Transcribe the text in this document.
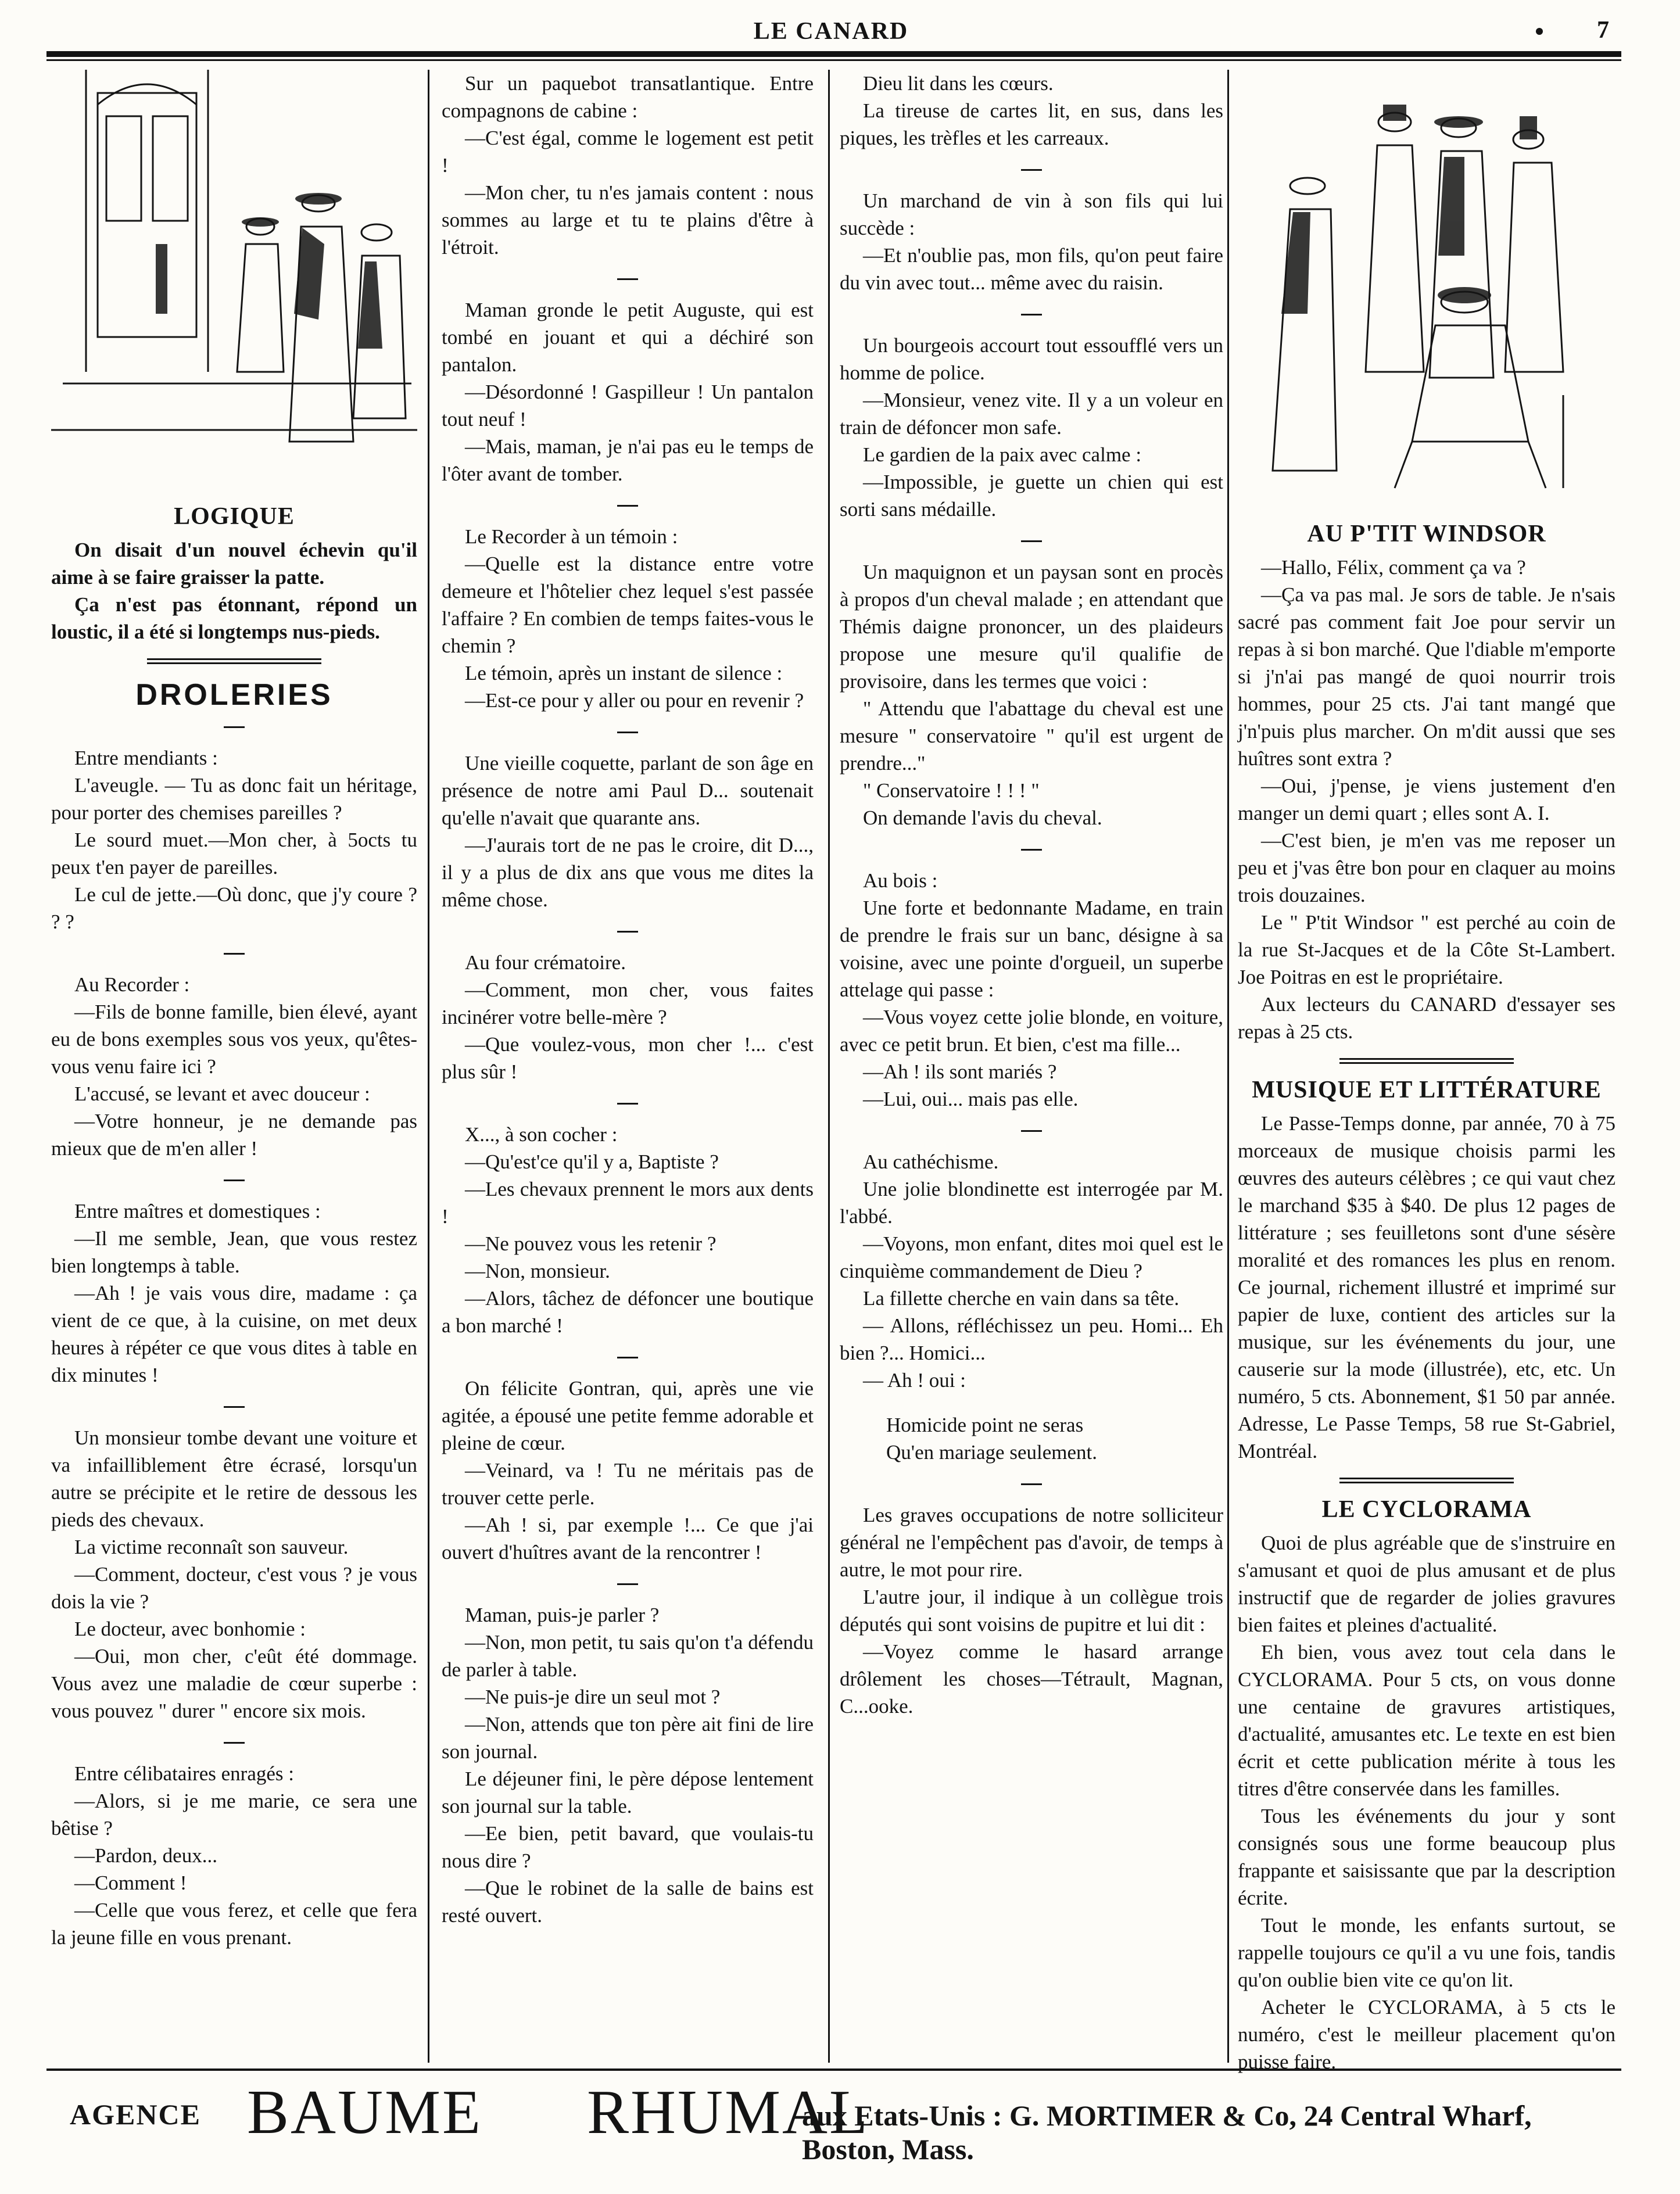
LE CANARD	7
LOGIQUE

On disait d'un nouvel échevin qu'il aime à se faire graisser la patte.

Ça n'est pas étonnant, répond un loustic, il a été si longtemps nus-pieds.

DROLERIES

Entre mendiants :

L'aveugle. — Tu as donc fait un héritage, pour porter des chemises pareilles ?

Le sourd muet.—Mon cher, à 5octs tu peux t'en payer de pareilles.

Le cul de jette.—Où donc, que j'y coure ? ? ?

Au Recorder :

—Fils de bonne famille, bien élevé, ayant eu de bons exemples sous vos yeux, qu'êtes-vous venu faire ici ?

L'accusé, se levant et avec douceur :

—Votre honneur, je ne demande pas mieux que de m'en aller !

Entre maîtres et domestiques :

—Il me semble, Jean, que vous restez bien longtemps à table.

—Ah ! je vais vous dire, madame : ça vient de ce que, à la cuisine, on met deux heures à répéter ce que vous dites à table en dix minutes !

Un monsieur tombe devant une voiture et va infailliblement être écrasé, lorsqu'un autre se précipite et le retire de dessous les pieds des chevaux.

La victime reconnaît son sauveur.

—Comment, docteur, c'est vous ? je vous dois la vie ?

Le docteur, avec bonhomie :

—Oui, mon cher, c'eût été dommage. Vous avez une maladie de cœur superbe : vous pouvez " durer " encore six mois.

Entre célibataires enragés :

—Alors, si je me marie, ce sera une bêtise ?

—Pardon, deux...

—Comment !

—Celle que vous ferez, et celle que fera la jeune fille en vous prenant.

Sur un paquebot transatlantique. Entre compagnons de cabine :

—C'est égal, comme le logement est petit !

—Mon cher, tu n'es jamais content : nous sommes au large et tu te plains d'être à l'étroit.

Maman gronde le petit Auguste, qui est tombé en jouant et qui a déchiré son pantalon.

—Désordonné ! Gaspilleur ! Un pantalon tout neuf !

—Mais, maman, je n'ai pas eu le temps de l'ôter avant de tomber.

Le Recorder à un témoin :

—Quelle est la distance entre votre demeure et l'hôtelier chez lequel s'est passée l'affaire ? En combien de temps faites-vous le chemin ?

Le témoin, après un instant de silence :

—Est-ce pour y aller ou pour en revenir ?

Une vieille coquette, parlant de son âge en présence de notre ami Paul D... soutenait qu'elle n'avait que quarante ans.

—J'aurais tort de ne pas le croire, dit D..., il y a plus de dix ans que vous me dites la même chose.

Au four crématoire.

—Comment, mon cher, vous faites incinérer votre belle-mère ?

—Que voulez-vous, mon cher !... c'est plus sûr !

X..., à son cocher :

—Qu'est'ce qu'il y a, Baptiste ?

—Les chevaux prennent le mors aux dents !

—Ne pouvez vous les retenir ?

—Non, monsieur.

—Alors, tâchez de défoncer une boutique a bon marché !

On félicite Gontran, qui, après une vie agitée, a épousé une petite femme adorable et pleine de cœur.

—Veinard, va ! Tu ne méritais pas de trouver cette perle.

—Ah ! si, par exemple !... Ce que j'ai ouvert d'huîtres avant de la rencontrer !

Maman, puis-je parler ?

—Non, mon petit, tu sais qu'on t'a défendu de parler à table.

—Ne puis-je dire un seul mot ?

—Non, attends que ton père ait fini de lire son journal.

Le déjeuner fini, le père dépose lentement son journal sur la table.

—Ee bien, petit bavard, que voulais-tu nous dire ?

—Que le robinet de la salle de bains est resté ouvert.

Dieu lit dans les cœurs.

La tireuse de cartes lit, en sus, dans les piques, les trèfles et les carreaux.

Un marchand de vin à son fils qui lui succède :

—Et n'oublie pas, mon fils, qu'on peut faire du vin avec tout... même avec du raisin.

Un bourgeois accourt tout essoufflé vers un homme de police.

—Monsieur, venez vite. Il y a un voleur en train de défoncer mon safe.

Le gardien de la paix avec calme :

—Impossible, je guette un chien qui est sorti sans médaille.

Un maquignon et un paysan sont en procès à propos d'un cheval malade ; en attendant que Thémis daigne prononcer, un des plaideurs propose une mesure qu'il qualifie de provisoire, dans les termes que voici :

" Attendu que l'abattage du cheval est une mesure " conservatoire " qu'il est urgent de prendre..."

" Conservatoire ! ! ! "

On demande l'avis du cheval.

Au bois :

Une forte et bedonnante Madame, en train de prendre le frais sur un banc, désigne à sa voisine, avec une pointe d'orgueil, un superbe attelage qui passe :

—Vous voyez cette jolie blonde, en voiture, avec ce petit brun. Et bien, c'est ma fille...

—Ah ! ils sont mariés ?

—Lui, oui... mais pas elle.

Au cathéchisme.

Une jolie blondinette est interrogée par M. l'abbé.

—Voyons, mon enfant, dites moi quel est le cinquième commandement de Dieu ?

La fillette cherche en vain dans sa tête.

— Allons, réfléchissez un peu. Homi... Eh bien ?... Homici...

— Ah ! oui :

Homicide point ne seras

Qu'en mariage seulement.

Les graves occupations de notre solliciteur général ne l'empêchent pas d'avoir, de temps à autre, le mot pour rire.

L'autre jour, il indique à un collègue trois députés qui sont voisins de pupitre et lui dit :

—Voyez comme le hasard arrange drôlement les choses—Tétrault, Magnan, C...ooke.

AU P'TIT WINDSOR

—Hallo, Félix, comment ça va ?

—Ça va pas mal. Je sors de table. Je n'sais sacré pas comment fait Joe pour servir un repas à si bon marché. Que l'diable m'emporte si j'n'ai pas mangé de quoi nourrir trois hommes, pour 25 cts. J'ai tant mangé que j'n'puis plus marcher. On m'dit aussi que ses huîtres sont extra ?

—Oui, j'pense, je viens justement d'en manger un demi quart ; elles sont A. I.

—C'est bien, je m'en vas me reposer un peu et j'vas être bon pour en claquer au moins trois douzaines.

Le " P'tit Windsor " est perché au coin de la rue St-Jacques et de la Côte St-Lambert. Joe Poitras en est le propriétaire.

Aux lecteurs du CANARD d'essayer ses repas à 25 cts.

MUSIQUE ET LITTÉRATURE

Le Passe-Temps donne, par année, 70 à 75 morceaux de musique choisis parmi les œuvres des auteurs célèbres ; ce qui vaut chez le marchand $35 à $40. De plus 12 pages de littérature ; ses feuilletons sont d'une sésère moralité et des romances les plus en renom. Ce journal, richement illustré et imprimé sur papier de luxe, contient des articles sur la musique, sur les événements du jour, une causerie sur la mode (illustrée), etc, etc. Un numéro, 5 cts. Abonnement, $1 50 par année. Adresse, Le Passe Temps, 58 rue St-Gabriel, Montréal.

LE CYCLORAMA

Quoi de plus agréable que de s'instruire en s'amusant et quoi de plus amusant et de plus instructif que de regarder de jolies gravures bien faites et pleines d'actualité.

Eh bien, vous avez tout cela dans le CYCLORAMA. Pour 5 cts, on vous donne une centaine de gravures artistiques, d'actualité, amusantes etc. Le texte en est bien écrit et cette publication mérite à tous les titres d'être conservée dans les familles.

Tous les événements du jour y sont consignés sous une forme beaucoup plus frappante et saisissante que par la description écrite.

Tout le monde, les enfants surtout, se rappelle toujours ce qu'il a vu une fois, tandis qu'on oublie bien vite ce qu'on lit.

Acheter le CYCLORAMA, à 5 cts le numéro, c'est le meilleur placement qu'on puisse faire.

AGENCE BAUME RHUMAL
aux Etats-Unis : G. MORTIMER & Co, 24 Central Wharf, Boston, Mass.
